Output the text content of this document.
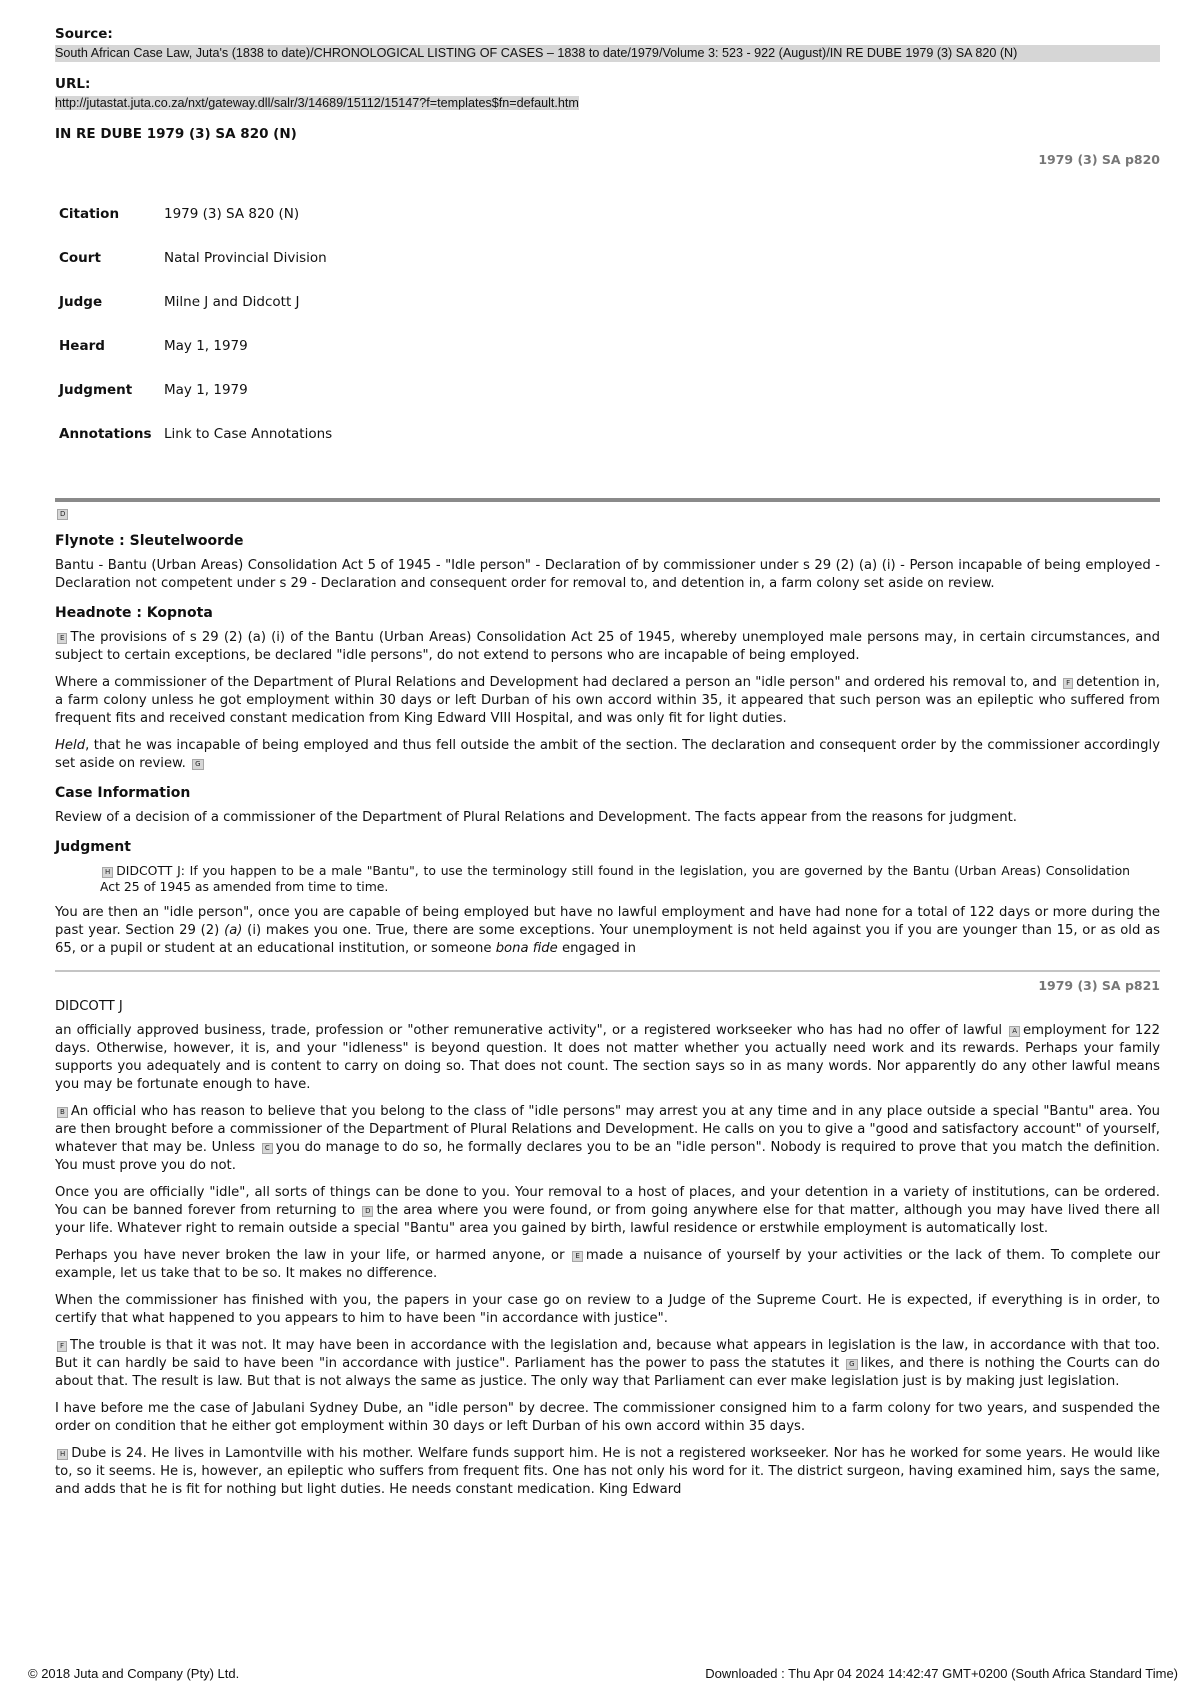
Source:
South African Case Law, Juta's (1838 to date)/CHRONOLOGICAL LISTING OF CASES – 1838 to date/1979/Volume 3: 523 - 922 (August)/IN RE DUBE 1979 (3) SA 820 (N)
URL:
http://jutastat.juta.co.za/nxt/gateway.dll/salr/3/14689/15112/15147?f=templates$fn=default.htm
IN RE DUBE 1979 (3) SA 820 (N)
1979 (3) SA p820
Citation	1979 (3) SA 820 (N)
Court	Natal Provincial Division
Judge	Milne J and Didcott J
Heard	May 1, 1979
Judgment	May 1, 1979
Annotations	Link to Case Annotations
D
Flynote : Sleutelwoorde

Bantu - Bantu (Urban Areas) Consolidation Act 5 of 1945 - "Idle person" - Declaration of by commissioner under s 29 (2) (a) (i) - Person incapable of being employed - Declaration not competent under s 29 - Declaration and consequent order for removal to, and detention in, a farm colony set aside on review.

Headnote : Kopnota

E The provisions of s 29 (2) (a) (i) of the Bantu (Urban Areas) Consolidation Act 25 of 1945, whereby unemployed male persons may, in certain circumstances, and subject to certain exceptions, be declared "idle persons", do not extend to persons who are incapable of being employed.

Where a commissioner of the Department of Plural Relations and Development had declared a person an "idle person" and ordered his removal to, and F detention in, a farm colony unless he got employment within 30 days or left Durban of his own accord within 35, it appeared that such person was an epileptic who suffered from frequent fits and received constant medication from King Edward VIII Hospital, and was only fit for light duties.

Held, that he was incapable of being employed and thus fell outside the ambit of the section. The declaration and consequent order by the commissioner accordingly set aside on review. G

Case Information

Review of a decision of a commissioner of the Department of Plural Relations and Development. The facts appear from the reasons for judgment.

Judgment
H DIDCOTT J: If you happen to be a male "Bantu", to use the terminology still found in the legislation, you are governed by the Bantu (Urban Areas) Consolidation Act 25 of 1945 as amended from time to time.

You are then an "idle person", once you are capable of being employed but have no lawful employment and have had none for a total of 122 days or more during the past year. Section 29 (2) (a) (i) makes you one. True, there are some exceptions. Your unemployment is not held against you if you are younger than 15, or as old as 65, or a pupil or student at an educational institution, or someone bona fide engaged in

1979 (3) SA p821
DIDCOTT J

an officially approved business, trade, profession or "other remunerative activity", or a registered workseeker who has had no offer of lawful A employment for 122 days. Otherwise, however, it is, and your "idleness" is beyond question. It does not matter whether you actually need work and its rewards. Perhaps your family supports you adequately and is content to carry on doing so. That does not count. The section says so in as many words. Nor apparently do any other lawful means you may be fortunate enough to have.

B An official who has reason to believe that you belong to the class of "idle persons" may arrest you at any time and in any place outside a special "Bantu" area. You are then brought before a commissioner of the Department of Plural Relations and Development. He calls on you to give a "good and satisfactory account" of yourself, whatever that may be. Unless C you do manage to do so, he formally declares you to be an "idle person". Nobody is required to prove that you match the definition. You must prove you do not.

Once you are officially "idle", all sorts of things can be done to you. Your removal to a host of places, and your detention in a variety of institutions, can be ordered. You can be banned forever from returning to D the area where you were found, or from going anywhere else for that matter, although you may have lived there all your life. Whatever right to remain outside a special "Bantu" area you gained by birth, lawful residence or erstwhile employment is automatically lost.

Perhaps you have never broken the law in your life, or harmed anyone, or E made a nuisance of yourself by your activities or the lack of them. To complete our example, let us take that to be so. It makes no difference.

When the commissioner has finished with you, the papers in your case go on review to a Judge of the Supreme Court. He is expected, if everything is in order, to certify that what happened to you appears to him to have been "in accordance with justice".

F The trouble is that it was not. It may have been in accordance with the legislation and, because what appears in legislation is the law, in accordance with that too. But it can hardly be said to have been "in accordance with justice". Parliament has the power to pass the statutes it G likes, and there is nothing the Courts can do about that. The result is law. But that is not always the same as justice. The only way that Parliament can ever make legislation just is by making just legislation.

I have before me the case of Jabulani Sydney Dube, an "idle person" by decree. The commissioner consigned him to a farm colony for two years, and suspended the order on condition that he either got employment within 30 days or left Durban of his own accord within 35 days.

H Dube is 24. He lives in Lamontville with his mother. Welfare funds support him. He is not a registered workseeker. Nor has he worked for some years. He would like to, so it seems. He is, however, an epileptic who suffers from frequent fits. One has not only his word for it. The district surgeon, having examined him, says the same, and adds that he is fit for nothing but light duties. He needs constant medication. King Edward

© 2018 Juta and Company (Pty) Ltd.	Downloaded : Thu Apr 04 2024 14:42:47 GMT+0200 (South Africa Standard Time)
